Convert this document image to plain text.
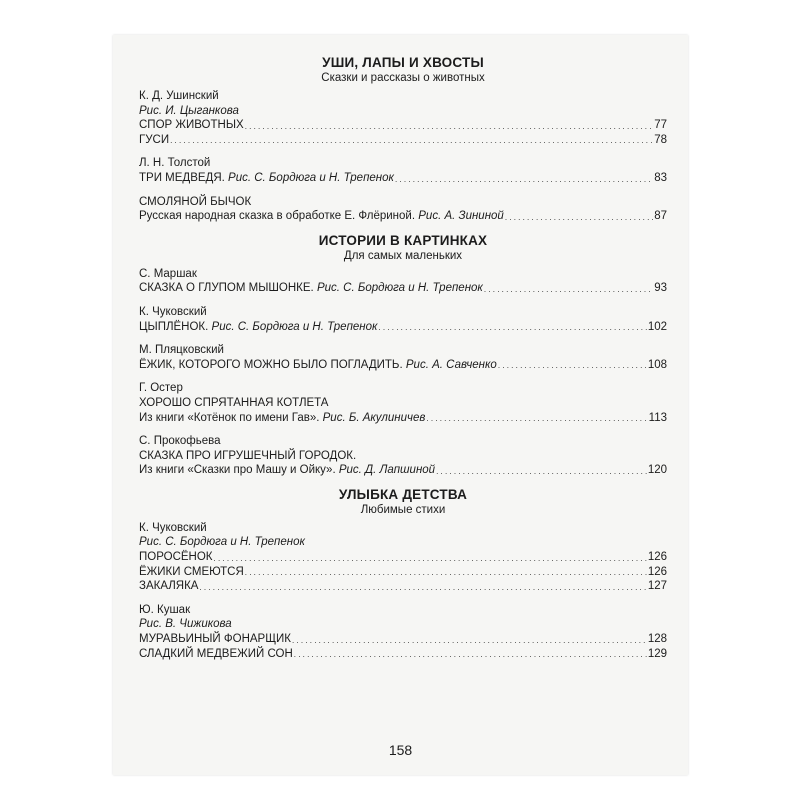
УШИ, ЛАПЫ И ХВОСТЫ
Сказки и рассказы о животных
К. Д. Ушинский
Рис. И. Цыганкова
СПОР ЖИВОТНЫХ . . .	77
ГУСИ . . .	78
Л. Н. Толстой
ТРИ МЕДВЕДЯ. Рис. С. Бордюга и Н. Трепенок . . .	83
СМОЛЯНОЙ БЫЧОК
Русская народная сказка в обработке Е. Флёриной. Рис. А. Зининой . . .	87
ИСТОРИИ В КАРТИНКАХ
Для самых маленьких
С. Маршак
СКАЗКА О ГЛУПОМ МЫШОНКЕ. Рис. С. Бордюга и Н. Трепенок . . .	93
К. Чуковский
ЦЫПЛЁНОК. Рис. С. Бордюга и Н. Трепенок . . .	102
М. Пляцковский
ЁЖИК, КОТОРОГО МОЖНО БЫЛО ПОГЛАДИТЬ. Рис. А. Савченко . . .	108
Г. Остер
ХОРОШО СПРЯТАННАЯ КОТЛЕТА
Из книги «Котёнок по имени Гав». Рис. Б. Акулиничев . . .	113
С. Прокофьева
СКАЗКА ПРО ИГРУШЕЧНЫЙ ГОРОДОК.
Из книги «Сказки про Машу и Ойку». Рис. Д. Лапшиной . . .	120
УЛЫБКА ДЕТСТВА
Любимые стихи
К. Чуковский
Рис. С. Бордюга и Н. Трепенок
ПОРОСЁНОК . . .	126
ЁЖИКИ СМЕЮТСЯ . . .	126
ЗАКАЛЯКА . . .	127
Ю. Кушак
Рис. В. Чижикова
МУРАВЬИНЫЙ ФОНАРЩИК . . .	128
СЛАДКИЙ МЕДВЕЖИЙ СОН . . .	129
158
